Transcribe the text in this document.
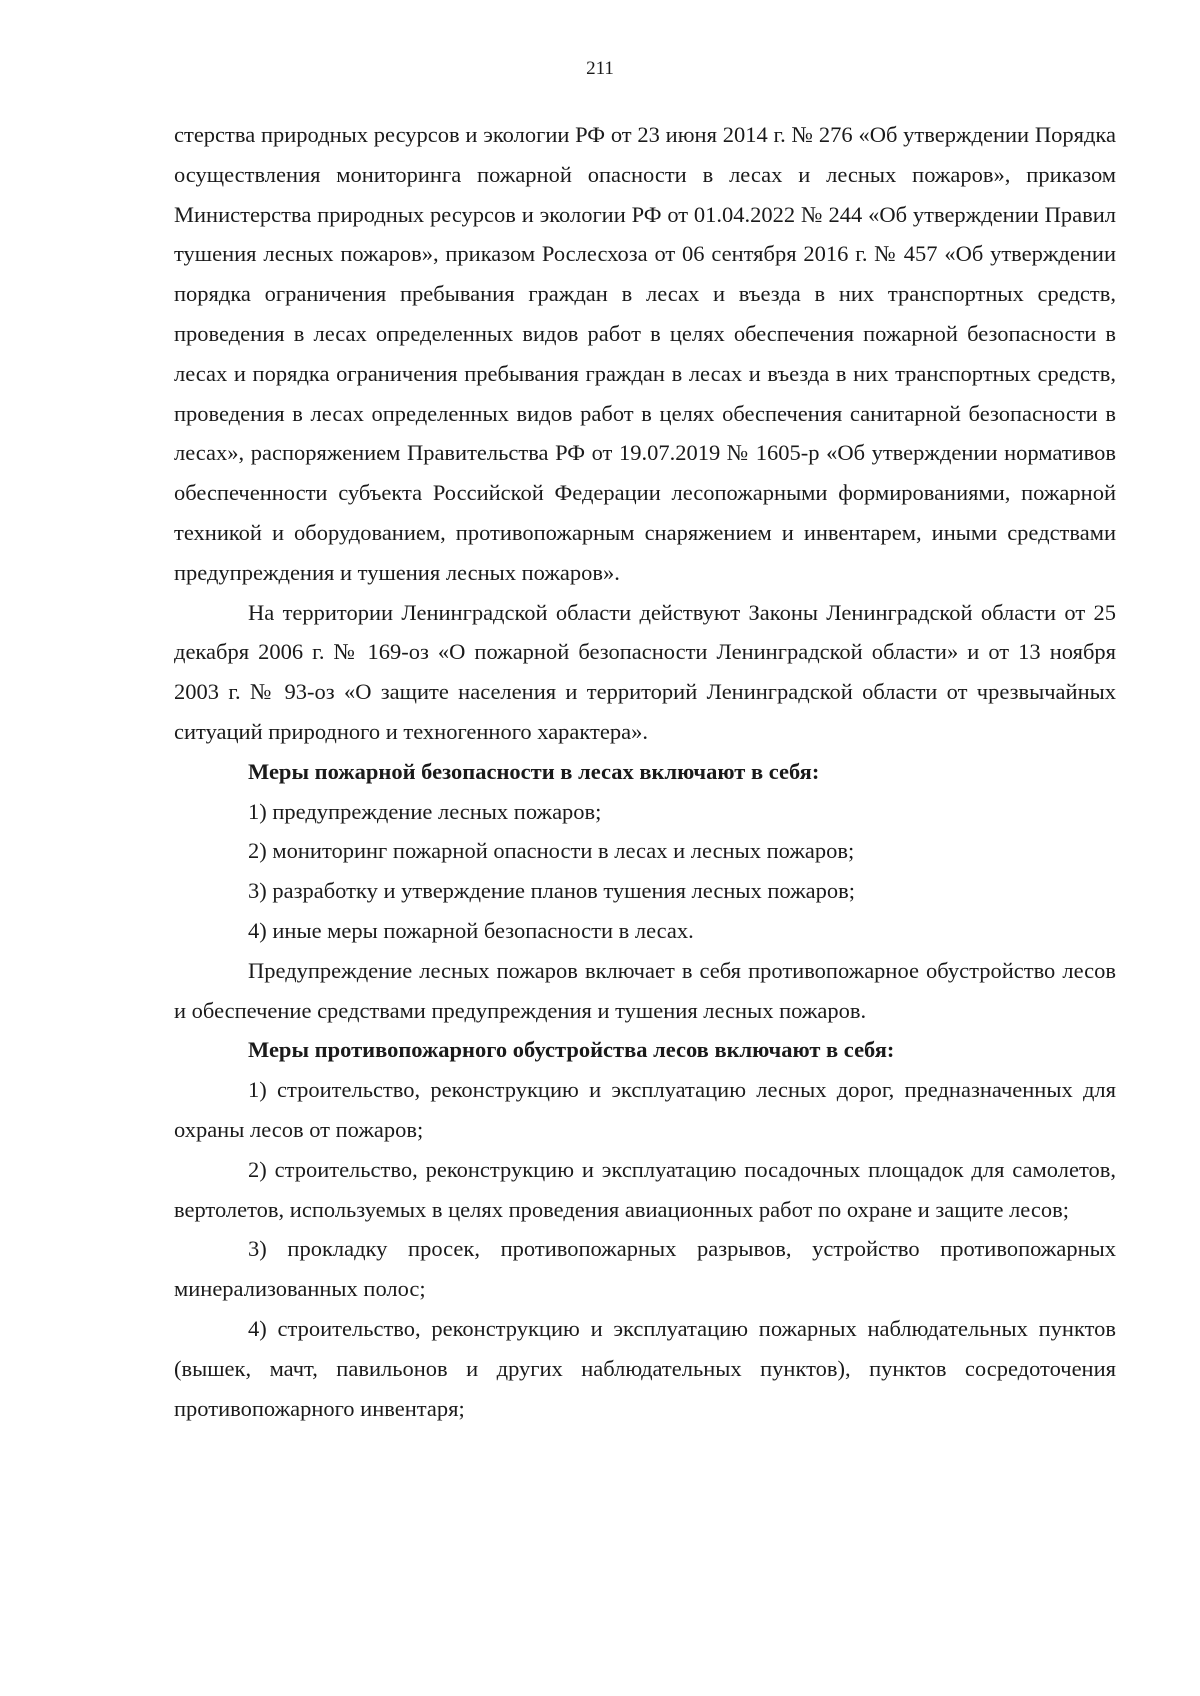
211

стерства природных ресурсов и экологии РФ от 23 июня 2014 г. № 276 «Об утверждении Порядка осуществления мониторинга пожарной опасности в лесах и лесных пожаров», приказом Министерства природных ресурсов и экологии РФ от 01.04.2022 № 244 «Об утверждении Правил тушения лесных пожаров», приказом Рослесхоза от 06 сентября 2016 г. № 457 «Об утверждении порядка ограничения пребывания граждан в лесах и въезда в них транспортных средств, проведения в лесах определенных видов работ в целях обеспечения пожарной безопасности в лесах и порядка ограничения пребывания граждан в лесах и въезда в них транспортных средств, проведения в лесах определенных видов работ в целях обеспечения санитарной безопасности в лесах», распоряжением Правительства РФ от 19.07.2019 № 1605-р «Об утверждении нормативов обеспеченности субъекта Российской Федерации лесопожарными формированиями, пожарной техникой и оборудованием, противопожарным снаряжением и инвентарем, иными средствами предупреждения и тушения лесных пожаров».

На территории Ленинградской области действуют Законы Ленинградской области от 25 декабря 2006 г. № 169-оз «О пожарной безопасности Ленинградской области» и от 13 ноября 2003 г. № 93-оз «О защите населения и территорий Ленинградской области от чрезвычайных ситуаций природного и техногенного характера».

Меры пожарной безопасности в лесах включают в себя:

1) предупреждение лесных пожаров;

2) мониторинг пожарной опасности в лесах и лесных пожаров;

3) разработку и утверждение планов тушения лесных пожаров;

4) иные меры пожарной безопасности в лесах.

Предупреждение лесных пожаров включает в себя противопожарное обустройство лесов и обеспечение средствами предупреждения и тушения лесных пожаров.

Меры противопожарного обустройства лесов включают в себя:

1) строительство, реконструкцию и эксплуатацию лесных дорог, предназначенных для охраны лесов от пожаров;

2) строительство, реконструкцию и эксплуатацию посадочных площадок для самолетов, вертолетов, используемых в целях проведения авиационных работ по охране и защите лесов;

3) прокладку просек, противопожарных разрывов, устройство противопожарных минерализованных полос;

4) строительство, реконструкцию и эксплуатацию пожарных наблюдательных пунктов (вышек, мачт, павильонов и других наблюдательных пунктов), пунктов сосредоточения противопожарного инвентаря;
